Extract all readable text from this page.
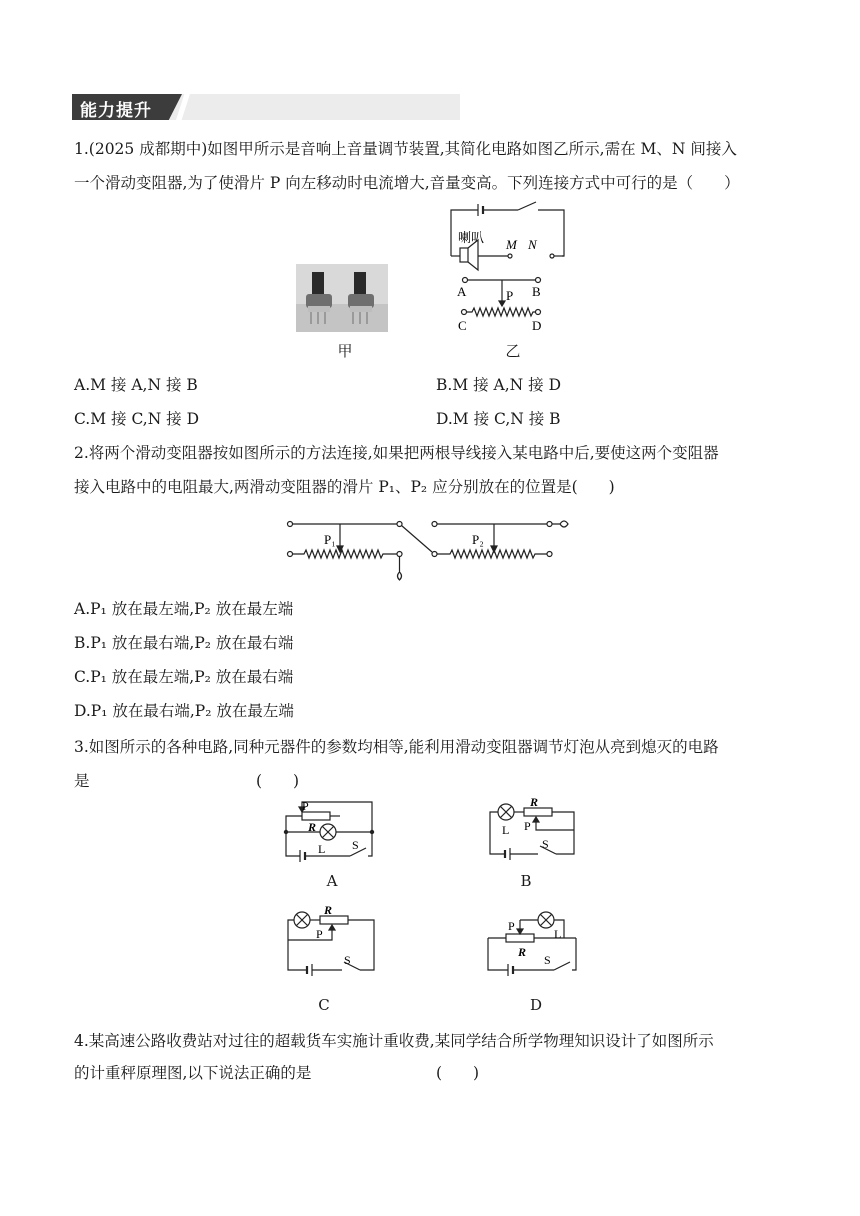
能力提升
1.(2025 成都期中)如图甲所示是音响上音量调节装置,其简化电路如图乙所示,需在 M、N 间接入
一个滑动变阻器,为了使滑片 P 向左移动时电流增大,音量变高。下列连接方式中可行的是（　　）
甲
喇叭 M N
A	B
P
C	D
乙
A.M 接 A,N 接 B	B.M 接 A,N 接 D
C.M 接 C,N 接 D	D.M 接 C,N 接 B
2.将两个滑动变阻器按如图所示的方法连接,如果把两根导线接入某电路中后,要使这两个变阻器
接入电路中的电阻最大,两滑动变阻器的滑片 P₁、P₂ 应分别放在的位置是(　　)
P₁	P₂
A.P₁ 放在最左端,P₂ 放在最左端
B.P₁ 放在最右端,P₂ 放在最右端
C.P₁ 放在最左端,P₂ 放在最右端
D.P₁ 放在最右端,P₂ 放在最左端
3.如图所示的各种电路,同种元器件的参数均相等,能利用滑动变阻器调节灯泡从亮到熄灭的电路
是	(　　)
P
R
L S
A
R
L P
S
B
R
P
S
C
P
R
L
S
D
4.某高速公路收费站对过往的超载货车实施计重收费,某同学结合所学物理知识设计了如图所示
的计重秤原理图,以下说法正确的是	(　　)
